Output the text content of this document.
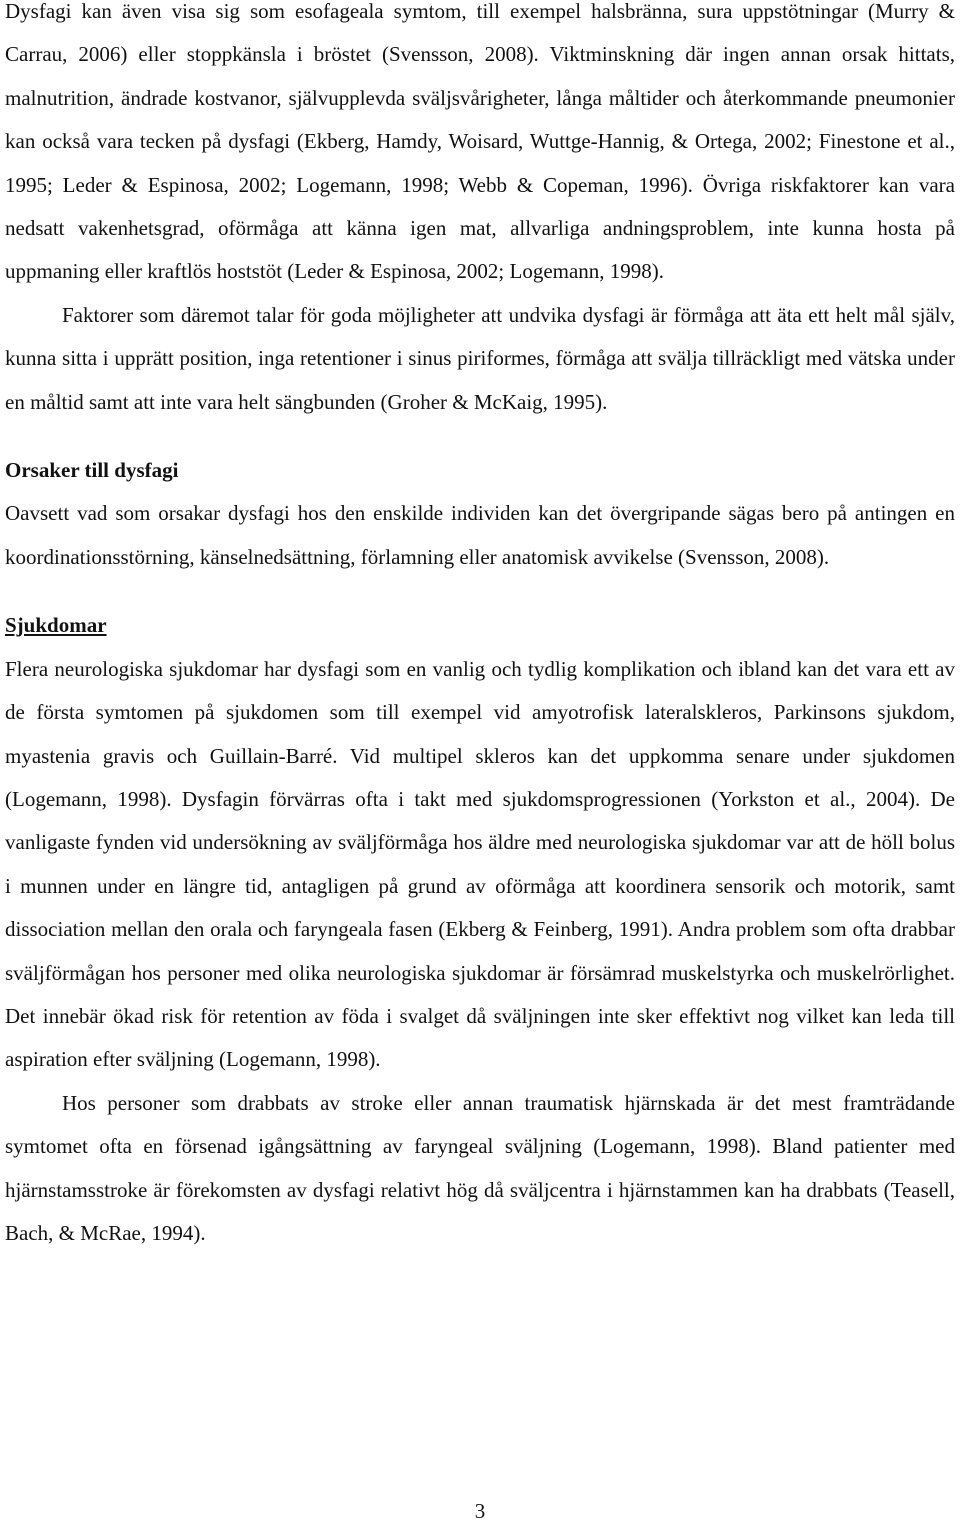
Dysfagi kan även visa sig som esofageala symtom, till exempel halsbränna, sura uppstötningar (Murry & Carrau, 2006) eller stoppkänsla i bröstet (Svensson, 2008). Viktminskning där ingen annan orsak hittats, malnutrition, ändrade kostvanor, självupplevda sväljsvårigheter, långa måltider och återkommande pneumonier kan också vara tecken på dysfagi (Ekberg, Hamdy, Woisard, Wuttge-Hannig, & Ortega, 2002; Finestone et al., 1995; Leder & Espinosa, 2002; Logemann, 1998; Webb & Copeman, 1996). Övriga riskfaktorer kan vara nedsatt vakenhetsgrad, oförmåga att känna igen mat, allvarliga andningsproblem, inte kunna hosta på uppmaning eller kraftlös hoststöt (Leder & Espinosa, 2002; Logemann, 1998).

Faktorer som däremot talar för goda möjligheter att undvika dysfagi är förmåga att äta ett helt mål själv, kunna sitta i upprätt position, inga retentioner i sinus piriformes, förmåga att svälja tillräckligt med vätska under en måltid samt att inte vara helt sängbunden (Groher & McKaig, 1995).

Orsaker till dysfagi

Oavsett vad som orsakar dysfagi hos den enskilde individen kan det övergripande sägas bero på antingen en koordinationsstörning, känselnedsättning, förlamning eller anatomisk avvikelse (Svensson, 2008).

Sjukdomar

Flera neurologiska sjukdomar har dysfagi som en vanlig och tydlig komplikation och ibland kan det vara ett av de första symtomen på sjukdomen som till exempel vid amyotrofisk lateralskleros, Parkinsons sjukdom, myastenia gravis och Guillain-Barré. Vid multipel skleros kan det uppkomma senare under sjukdomen (Logemann, 1998). Dysfagin förvärras ofta i takt med sjukdomsprogressionen (Yorkston et al., 2004). De vanligaste fynden vid undersökning av sväljförmåga hos äldre med neurologiska sjukdomar var att de höll bolus i munnen under en längre tid, antagligen på grund av oförmåga att koordinera sensorik och motorik, samt dissociation mellan den orala och faryngeala fasen (Ekberg & Feinberg, 1991). Andra problem som ofta drabbar sväljförmågan hos personer med olika neurologiska sjukdomar är försämrad muskelstyrka och muskelrörlighet. Det innebär ökad risk för retention av föda i svalget då sväljningen inte sker effektivt nog vilket kan leda till aspiration efter sväljning (Logemann, 1998).

Hos personer som drabbats av stroke eller annan traumatisk hjärnskada är det mest framträdande symtomet ofta en försenad igångsättning av faryngeal sväljning (Logemann, 1998). Bland patienter med hjärnstamsstroke är förekomsten av dysfagi relativt hög då sväljcentra i hjärnstammen kan ha drabbats (Teasell, Bach, & McRae, 1994).

3
